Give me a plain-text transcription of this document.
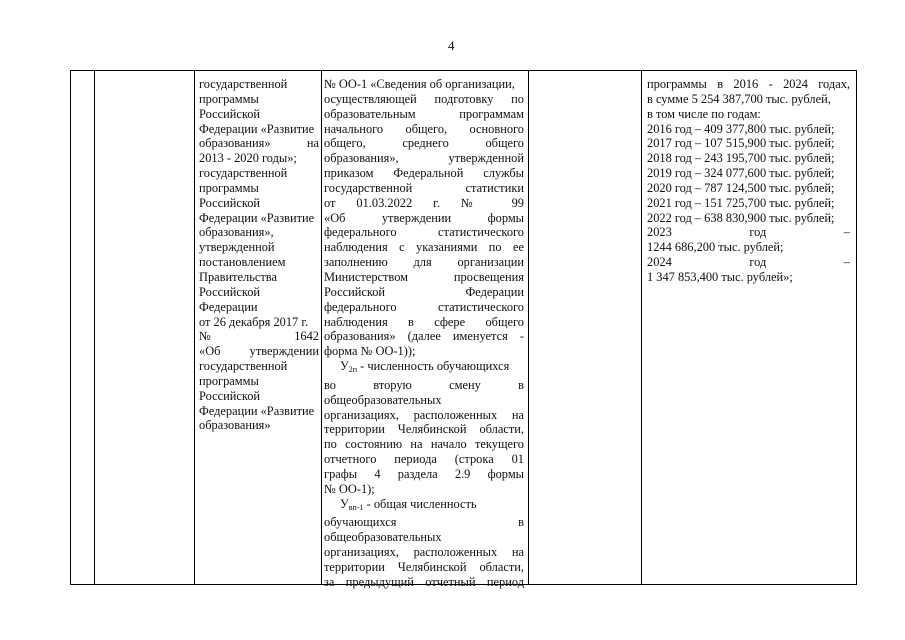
4
государственной
программы
Российской
Федерации «Развитие
образования» на
2013 - 2020 годы»;
государственной
программы
Российской
Федерации «Развитие
образования»,
утвержденной
постановлением
Правительства
Российской
Федерации
от 26 декабря 2017 г.
№ 1642
«Об утверждении
государственной
программы
Российской
Федерации «Развитие
образования»
№ ОО-1 «Сведения об организации,
осуществляющей подготовку по
образовательным программам
начального общего, основного
общего, среднего общего
образования», утвержденной
приказом Федеральной службы
государственной статистики
от 01.03.2022 г. № 99
«Об утверждении формы
федерального статистического
наблюдения с указаниями по ее
заполнению для организации
Министерством просвещения
Российской Федерации
федерального статистического
наблюдения в сфере общего
образования» (далее именуется -
форма № ОО-1));
$У_{2п}$ - численность обучающихся
во вторую смену в
общеобразовательных
организациях, расположенных на
территории Челябинской области,
по состоянию на начало текущего
отчетного периода (строка 01
графы 4 раздела 2.9 формы
№ ОО-1);
$У_{вп-1}$ - общая численность
обучающихся в
общеобразовательных
организациях, расположенных на
территории Челябинской области,
за предыдущий отчетный период
программы в 2016 - 2024 годах,
в сумме 5 254 387,700 тыс. рублей,
в том числе по годам:
2016 год – 409 377,800 тыс. рублей;
2017 год – 107 515,900 тыс. рублей;
2018 год – 243 195,700 тыс. рублей;
2019 год – 324 077,600 тыс. рублей;
2020 год – 787 124,500 тыс. рублей;
2021 год – 151 725,700 тыс. рублей;
2022 год – 638 830,900 тыс. рублей;
2023 год –
1244 686,200 тыс. рублей;
2024 год –
1 347 853,400 тыс. рублей»;
